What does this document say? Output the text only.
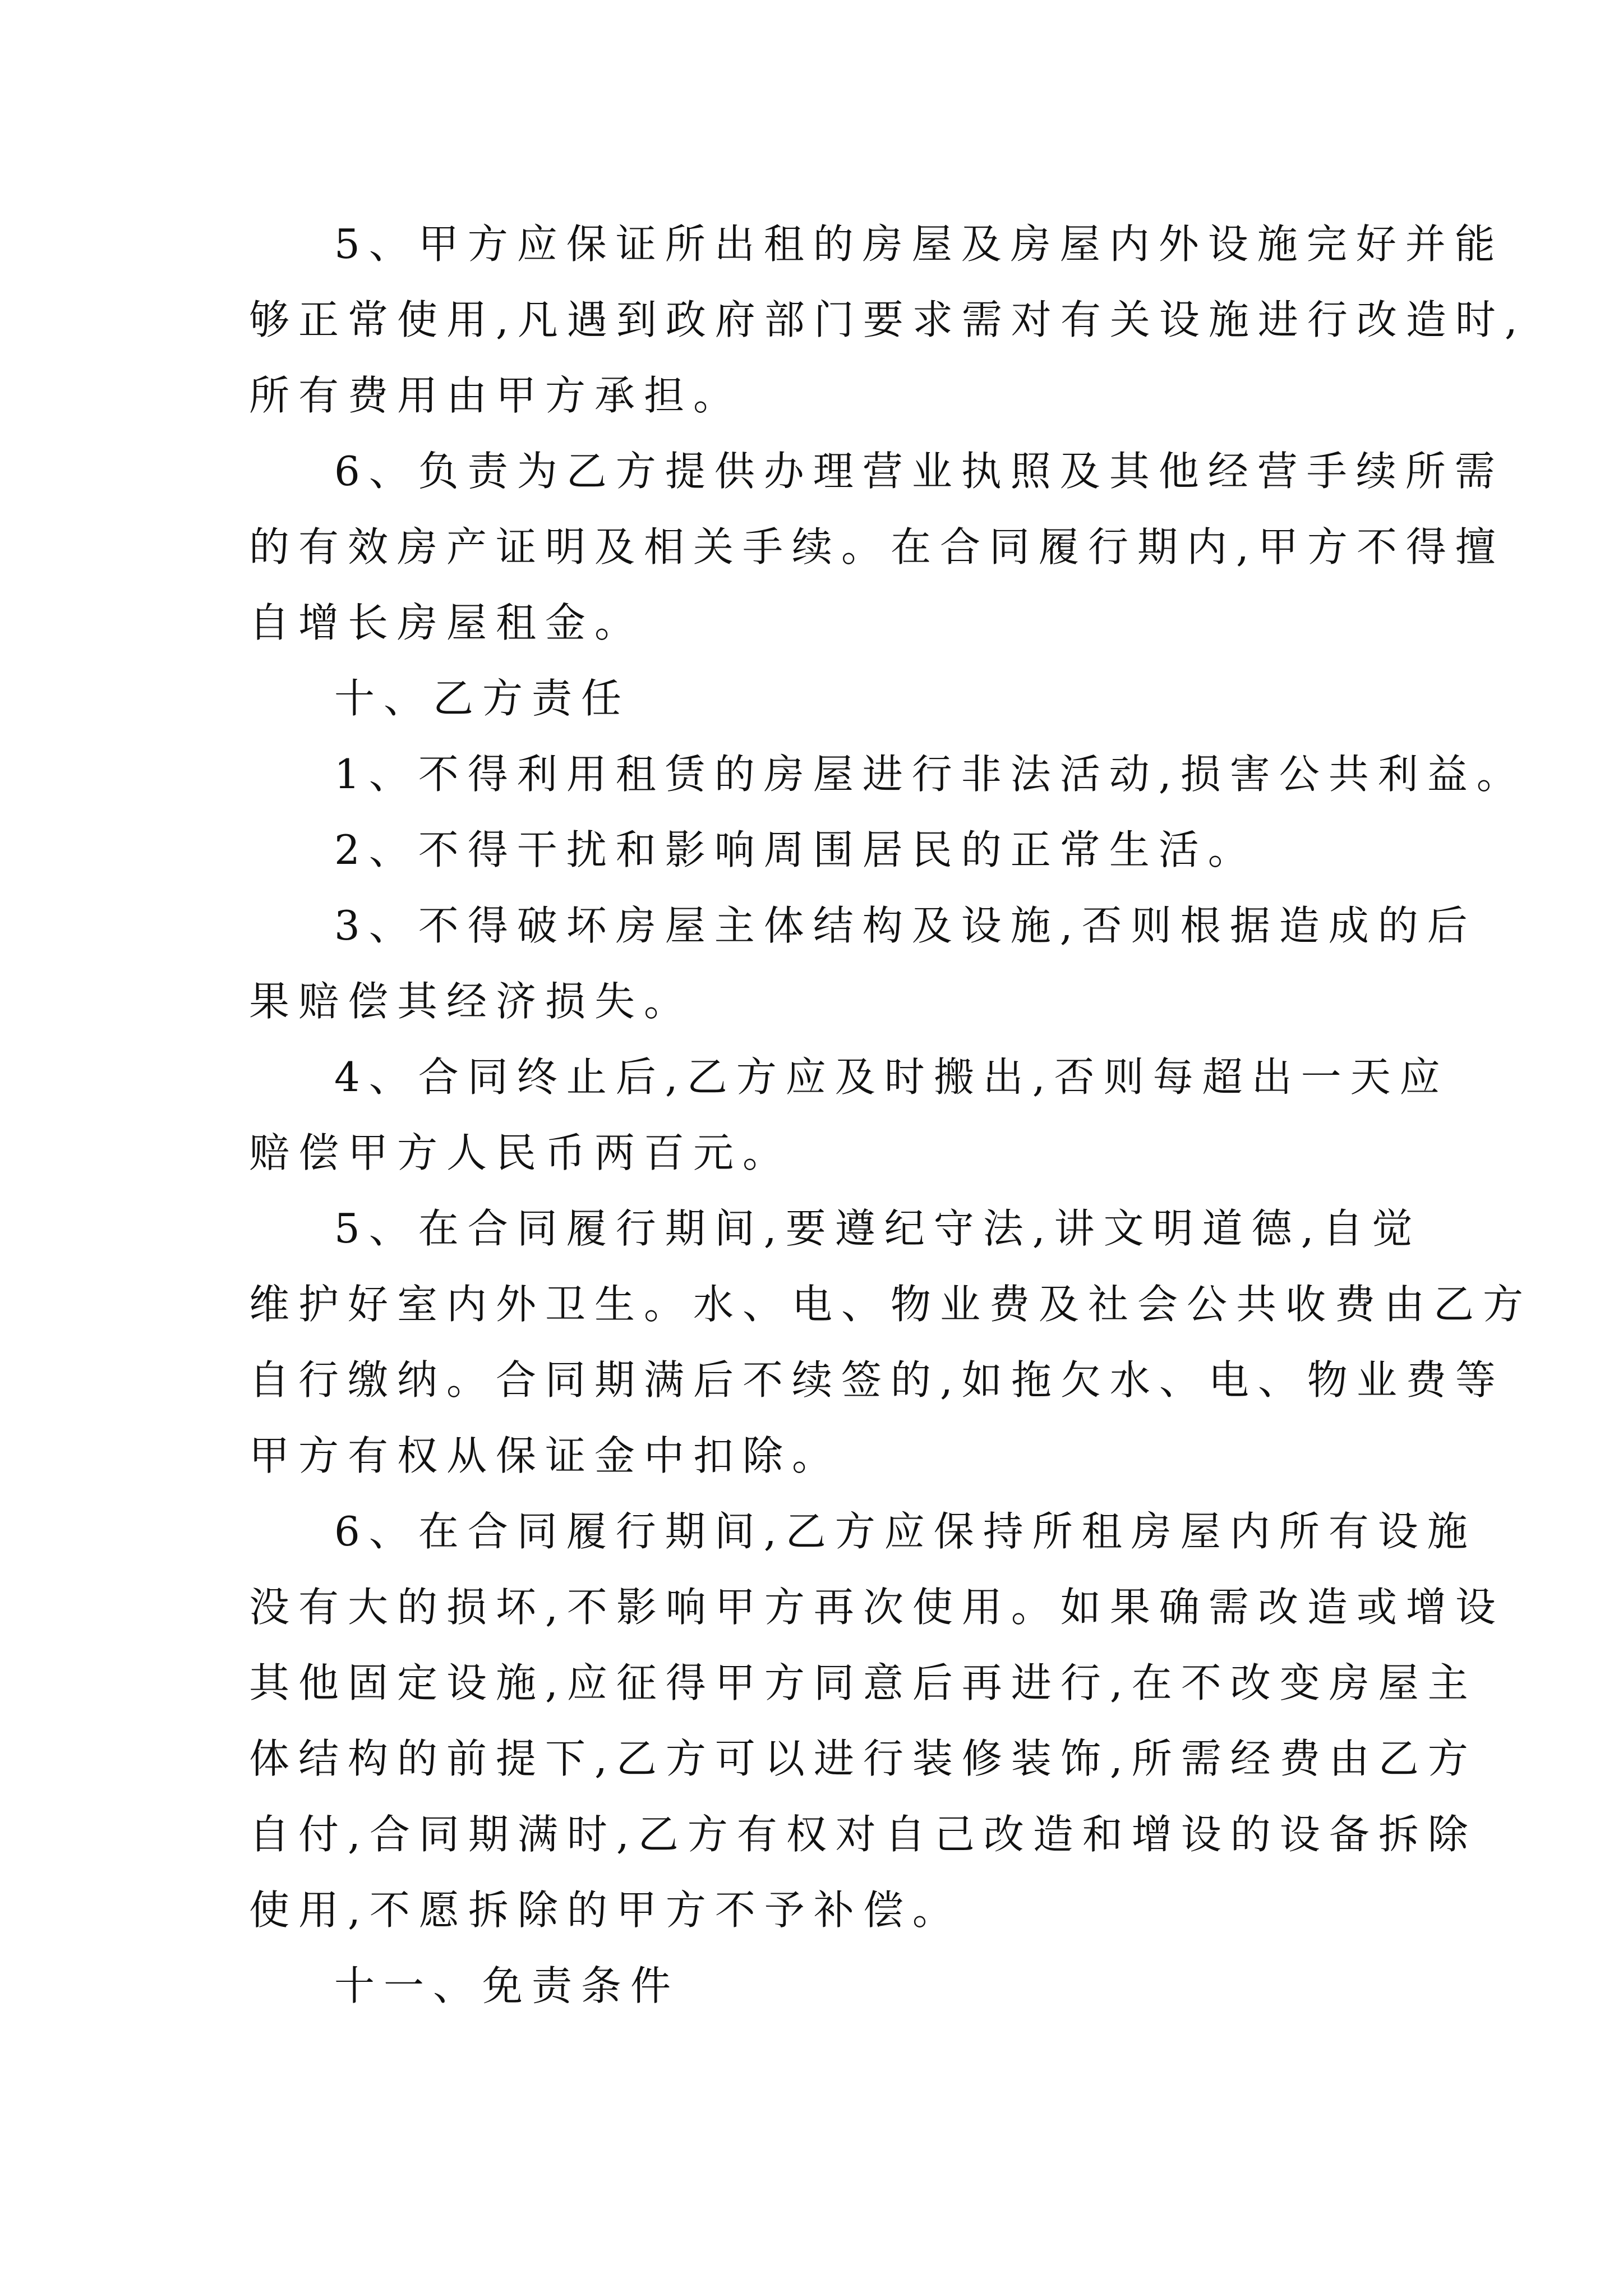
5、甲方应保证所出租的房屋及房屋内外设施完好并能
够正常使用,凡遇到政府部门要求需对有关设施进行改造时,
所有费用由甲方承担。
6、负责为乙方提供办理营业执照及其他经营手续所需
的有效房产证明及相关手续。在合同履行期内,甲方不得擅
自增长房屋租金。
十、乙方责任
1、不得利用租赁的房屋进行非法活动,损害公共利益。
2、不得干扰和影响周围居民的正常生活。
3、不得破坏房屋主体结构及设施,否则根据造成的后
果赔偿其经济损失。
4、合同终止后,乙方应及时搬出,否则每超出一天应
赔偿甲方人民币两百元。
5、在合同履行期间,要遵纪守法,讲文明道德,自觉
维护好室内外卫生。水、电、物业费及社会公共收费由乙方
自行缴纳。合同期满后不续签的,如拖欠水、电、物业费等
甲方有权从保证金中扣除。
6、在合同履行期间,乙方应保持所租房屋内所有设施
没有大的损坏,不影响甲方再次使用。如果确需改造或增设
其他固定设施,应征得甲方同意后再进行,在不改变房屋主
体结构的前提下,乙方可以进行装修装饰,所需经费由乙方
自付,合同期满时,乙方有权对自己改造和增设的设备拆除
使用,不愿拆除的甲方不予补偿。
十一、免责条件
